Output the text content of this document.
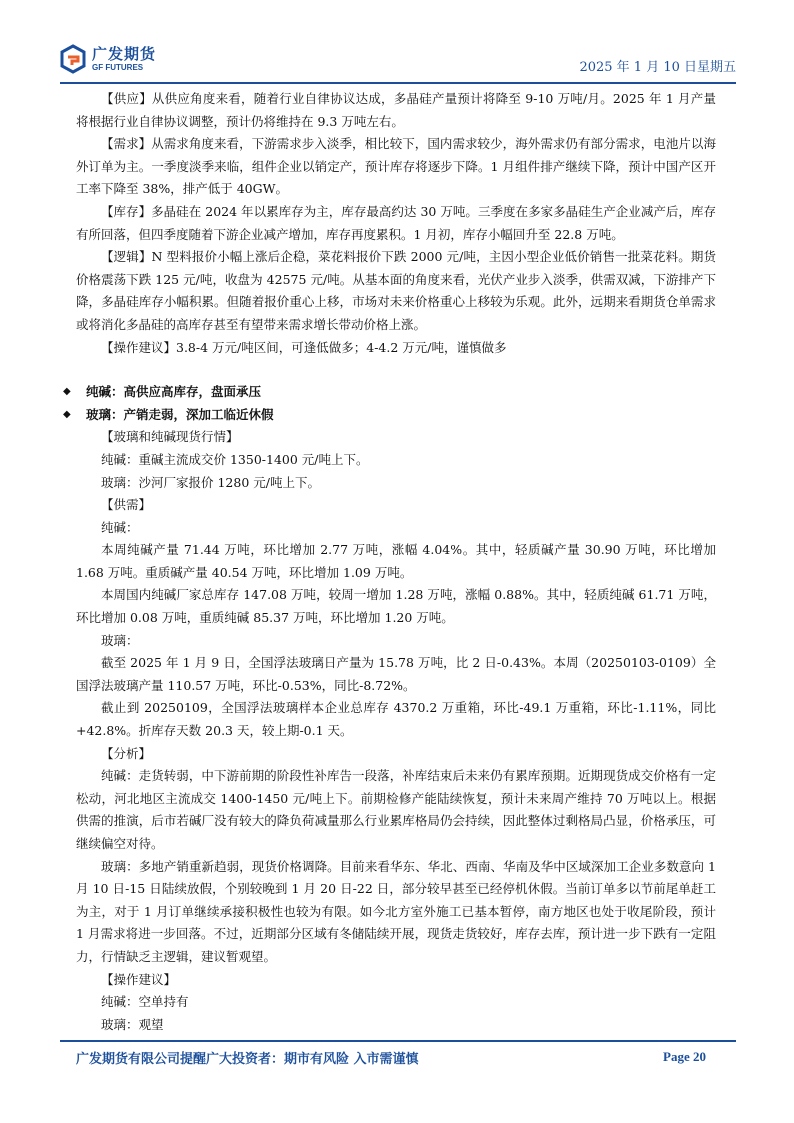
广发期货
GF FUTURES	2025 年 1 月 10 日星期五

【供应】从供应角度来看，随着行业自律协议达成，多晶硅产量预计将降至 9-10 万吨/月。2025 年 1 月产量将根据行业自律协议调整，预计仍将维持在 9.3 万吨左右。

【需求】从需求角度来看，下游需求步入淡季，相比较下，国内需求较少，海外需求仍有部分需求，电池片以海外订单为主。一季度淡季来临，组件企业以销定产，预计库存将逐步下降。1 月组件排产继续下降，预计中国产区开工率下降至 38%，排产低于 40GW。

【库存】多晶硅在 2024 年以累库存为主，库存最高约达 30 万吨。三季度在多家多晶硅生产企业减产后，库存有所回落，但四季度随着下游企业减产增加，库存再度累积。1 月初，库存小幅回升至 22.8 万吨。

【逻辑】N 型料报价小幅上涨后企稳，菜花料报价下跌 2000 元/吨，主因小型企业低价销售一批菜花料。期货价格震荡下跌 125 元/吨，收盘为 42575 元/吨。从基本面的角度来看，光伏产业步入淡季，供需双减，下游排产下降，多晶硅库存小幅积累。但随着报价重心上移，市场对未来价格重心上移较为乐观。此外，远期来看期货仓单需求或将消化多晶硅的高库存甚至有望带来需求增长带动价格上涨。

【操作建议】3.8-4 万元/吨区间，可逢低做多；4-4.2 万元/吨，谨慎做多

◆ 纯碱：高供应高库存，盘面承压

◆ 玻璃：产销走弱，深加工临近休假

【玻璃和纯碱现货行情】

纯碱：重碱主流成交价 1350-1400 元/吨上下。

玻璃：沙河厂家报价 1280 元/吨上下。

【供需】

纯碱：

本周纯碱产量 71.44 万吨，环比增加 2.77 万吨，涨幅 4.04%。其中，轻质碱产量 30.90 万吨，环比增加 1.68 万吨。重质碱产量 40.54 万吨，环比增加 1.09 万吨。

本周国内纯碱厂家总库存 147.08 万吨，较周一增加 1.28 万吨，涨幅 0.88%。其中，轻质纯碱 61.71 万吨，环比增加 0.08 万吨，重质纯碱 85.37 万吨，环比增加 1.20 万吨。

玻璃：

截至 2025 年 1 月 9 日，全国浮法玻璃日产量为 15.78 万吨，比 2 日-0.43%。本周（20250103-0109）全国浮法玻璃产量 110.57 万吨，环比-0.53%，同比-8.72%。

截止到 20250109，全国浮法玻璃样本企业总库存 4370.2 万重箱，环比-49.1 万重箱，环比-1.11%，同比+42.8%。折库存天数 20.3 天，较上期-0.1 天。

【分析】

纯碱：走货转弱，中下游前期的阶段性补库告一段落，补库结束后未来仍有累库预期。近期现货成交价格有一定松动，河北地区主流成交 1400-1450 元/吨上下。前期检修产能陆续恢复，预计未来周产维持 70 万吨以上。根据供需的推演，后市若碱厂没有较大的降负荷减量那么行业累库格局仍会持续，因此整体过剩格局凸显，价格承压，可继续偏空对待。

玻璃：多地产销重新趋弱，现货价格调降。目前来看华东、华北、西南、华南及华中区域深加工企业多数意向 1 月 10 日-15 日陆续放假，个别较晚到 1 月 20 日-22 日，部分较早甚至已经停机休假。当前订单多以节前尾单赶工为主，对于 1 月订单继续承接积极性也较为有限。如今北方室外施工已基本暂停，南方地区也处于收尾阶段，预计 1 月需求将进一步回落。不过，近期部分区域有冬储陆续开展，现货走货较好，库存去库，预计进一步下跌有一定阻力，行情缺乏主逻辑，建议暂观望。

【操作建议】

纯碱：空单持有

玻璃：观望

广发期货有限公司提醒广大投资者：期市有风险 入市需谨慎	Page 20
